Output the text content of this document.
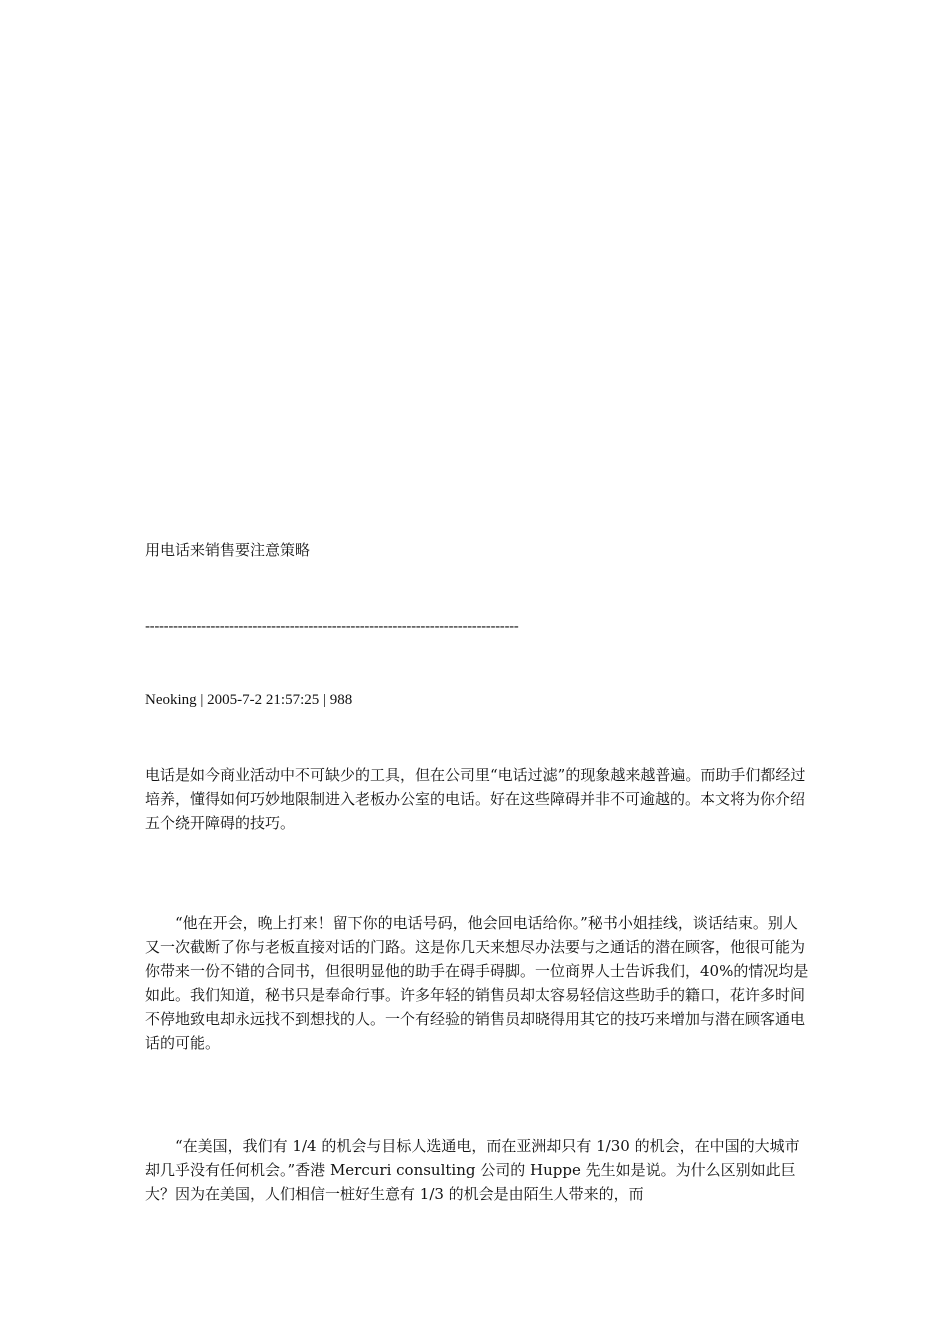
用电话来销售要注意策略

--------------------------------------------------------------------------------

Neoking | 2005-7-2 21:57:25 | 988

电话是如今商业活动中不可缺少的工具，但在公司里“电话过滤”的现象越来越普遍。而助手们都经过培养，懂得如何巧妙地限制进入老板办公室的电话。好在这些障碍并非不可逾越的。本文将为你介绍五个绕开障碍的技巧。

“他在开会，晚上打来！留下你的电话号码，他会回电话给你。”秘书小姐挂线，谈话结束。别人又一次截断了你与老板直接对话的门路。这是你几天来想尽办法要与之通话的潜在顾客，他很可能为你带来一份不错的合同书，但很明显他的助手在碍手碍脚。一位商界人士告诉我们，40%的情况均是如此。我们知道，秘书只是奉命行事。许多年轻的销售员却太容易轻信这些助手的籍口，花许多时间不停地致电却永远找不到想找的人。一个有经验的销售员却晓得用其它的技巧来增加与潜在顾客通电话的可能。

“在美国，我们有 1/4 的机会与目标人选通电，而在亚洲却只有 1/30 的机会，在中国的大城市却几乎没有任何机会。”香港 Mercuri consulting 公司的 Huppe 先生如是说。为什么区别如此巨大？因为在美国，人们相信一桩好生意有 1/3 的机会是由陌生人带来的，而
